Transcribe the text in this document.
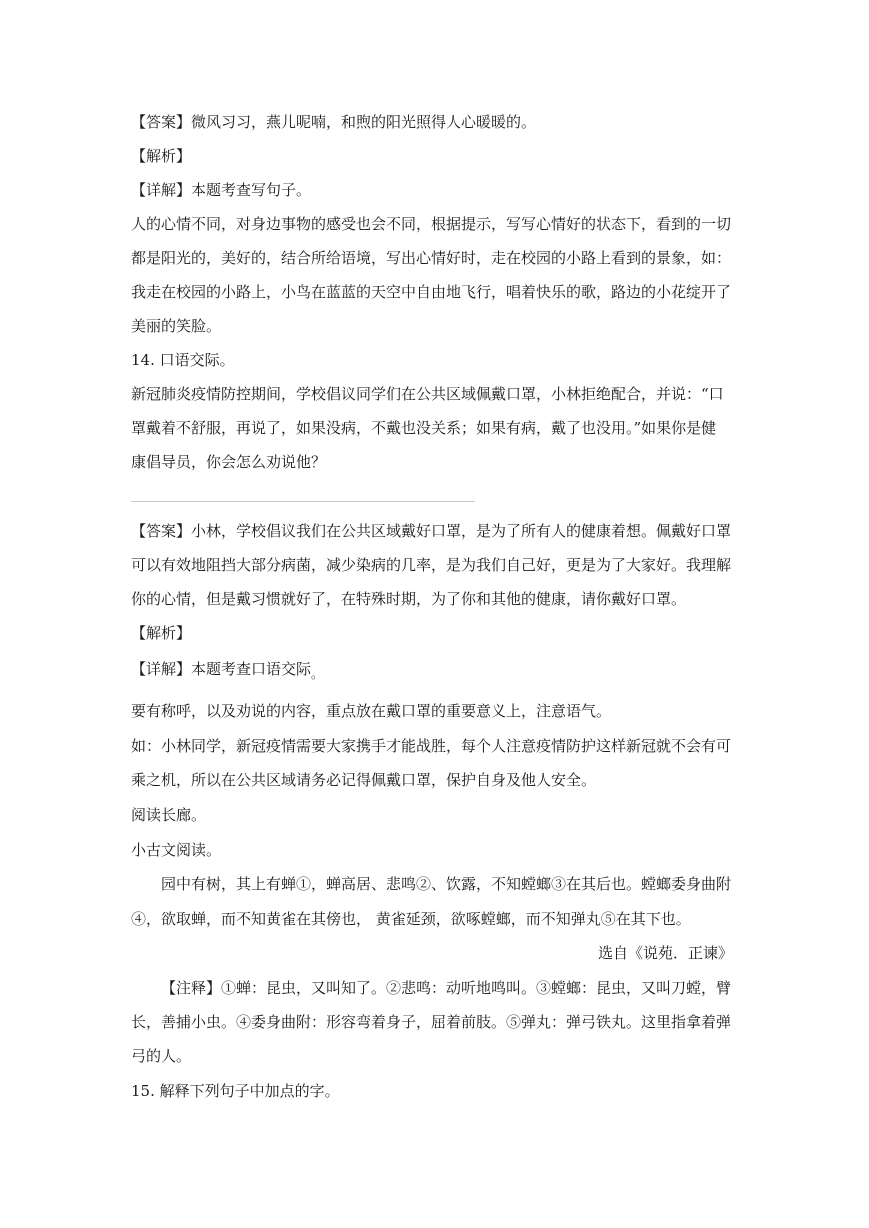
【答案】微风习习，燕儿呢喃，和煦的阳光照得人心暖暖的。
【解析】
【详解】本题考查写句子。
人的心情不同，对身边事物的感受也会不同，根据提示，写写心情好的状态下，看到的一切
都是阳光的，美好的，结合所给语境，写出心情好时，走在校园的小路上看到的景象，如：
我走在校园的小路上，小鸟在蓝蓝的天空中自由地飞行，唱着快乐的歌，路边的小花绽开了
美丽的笑脸。
14. 口语交际。
新冠肺炎疫情防控期间，学校倡议同学们在公共区域佩戴口罩，小林拒绝配合，并说：“口
罩戴着不舒服，再说了，如果没病，不戴也没关系；如果有病，戴了也没用。”如果你是健
康倡导员，你会怎么劝说他？
【答案】小林，学校倡议我们在公共区域戴好口罩，是为了所有人的健康着想。佩戴好口罩
可以有效地阻挡大部分病菌，减少染病的几率，是为我们自己好，更是为了大家好。我理解
你的心情，但是戴习惯就好了，在特殊时期，为了你和其他的健康，请你戴好口罩。
【解析】
【详解】本题考查口语交际$_。$
要有称呼，以及劝说的内容，重点放在戴口罩的重要意义上，注意语气。
如：小林同学，新冠疫情需要大家携手才能战胜，每个人注意疫情防护这样新冠就不会有可
乘之机，所以在公共区域请务必记得佩戴口罩，保护自身及他人安全。
阅读长廊。
小古文阅读。
园中有树，其上有蝉①，蝉高居、悲鸣②、饮露，不知螳螂③在其后也。螳螂委身曲附
④，欲取蝉，而不知黄雀在其傍也， 黄雀延颈，欲啄螳螂，而不知弹丸⑤在其下也。
选自《说苑．正谏》
【注释】①蝉：昆虫，又叫知了。②悲鸣：动听地鸣叫。③螳螂：昆虫，又叫刀螳，臂
长，善捕小虫。④委身曲附：形容弯着身子，屈着前肢。⑤弹丸：弹弓铁丸。这里指拿着弹
弓的人。
15. 解释下列句子中加点的字。
